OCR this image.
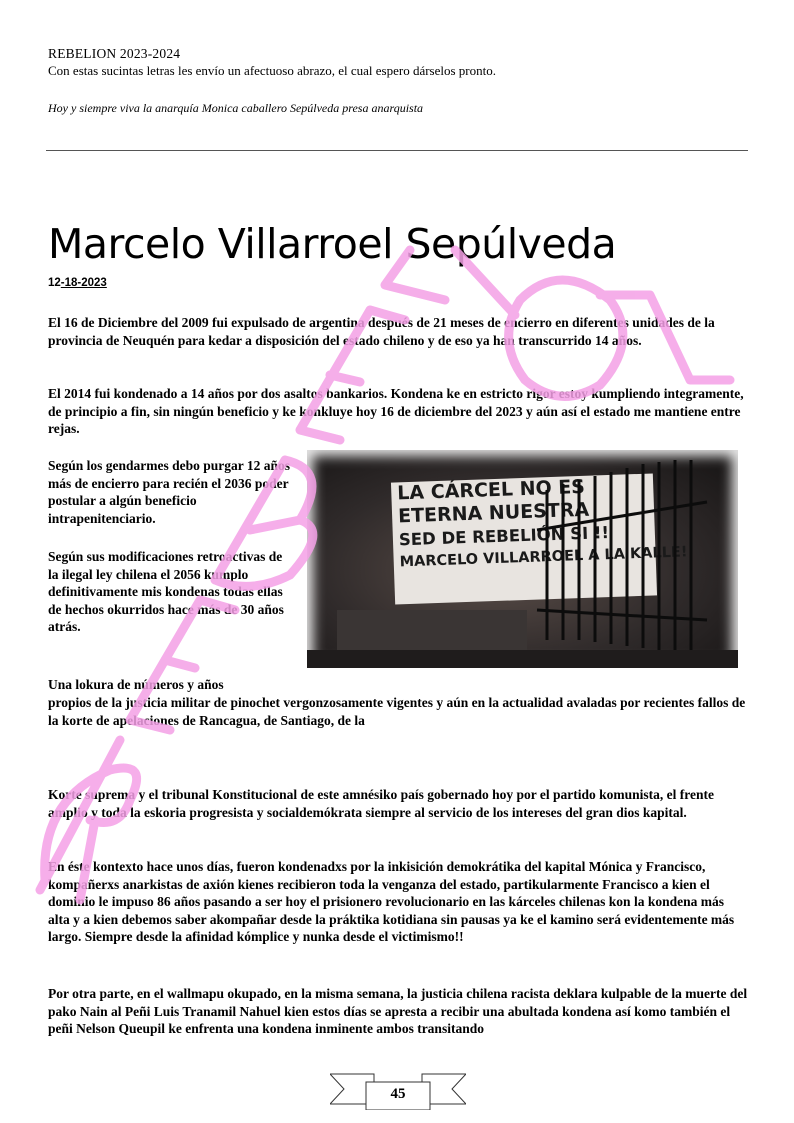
REBELION 2023-2024
Con estas sucintas letras les envío un afectuoso abrazo, el cual espero dárselos pronto.
Hoy y siempre viva la anarquía Monica caballero Sepúlveda presa anarquista
Marcelo Villarroel Sepúlveda
12-18-2023

El 16 de Diciembre del 2009 fui expulsado de argentina después de 21 meses de encierro en diferentes unidades de la provincia de Neuquén para kedar a disposición del estado chileno y de eso ya han transcurrido 14 años.

El 2014 fui kondenado a 14 años por dos asaltos bankarios. Kondena ke en estricto rigor estoy kumpliendo integramente, de principio a fin, sin ningún beneficio y ke konkluye hoy 16 de diciembre del 2023 y aún así el estado me mantiene entre rejas.

Según los gendarmes debo purgar 12 años más de encierro para recién el 2036 poder postular a algún beneficio intrapenitenciario.

Según sus modificaciones retroactivas de la ilegal ley chilena el 2056 kumplo definitivamente mis kondenas todas ellas de hechos okurridos hace más de 30 años atrás.

LA CÁRCEL NO ES
ETERNA NUESTRA
SED DE REBELIÓN SI !!
MARCELO VILLARROEL A LA KALLE!

Una lokura de números y años

propios de la justicia militar de pinochet vergonzosamente vigentes y aún en la actualidad avaladas por recientes fallos de la korte de apelaciones de Rancagua, de Santiago, de la

Korte suprema y el tribunal Konstitucional de este amnésiko país gobernado hoy por el partido komunista, el frente amplio y toda la eskoria progresista y socialdemókrata siempre al servicio de los intereses del gran dios kapital.

En éste kontexto hace unos días, fueron kondenadxs por la inkisición demokrátika del kapital Mónica y Francisco, kompañerxs anarkistas de axión kienes recibieron toda la venganza del estado, partikularmente Francisco a kien el dominio le impuso 86 años pasando a ser hoy el prisionero revolucionario en las kárceles chilenas kon la kondena más alta y a kien debemos saber akompañar desde la práktika kotidiana sin pausas ya ke el kamino será evidentemente más largo. Siempre desde la afinidad kómplice y nunka desde el victimismo!!

Por otra parte, en el wallmapu okupado, en la misma semana, la justicia chilena racista deklara kulpable de la muerte del pako Nain al Peñi Luis Tranamil Nahuel kien estos días se apresta a recibir una abultada kondena así komo también el peñi Nelson Queupil ke enfrenta una kondena inminente ambos transitando

45
